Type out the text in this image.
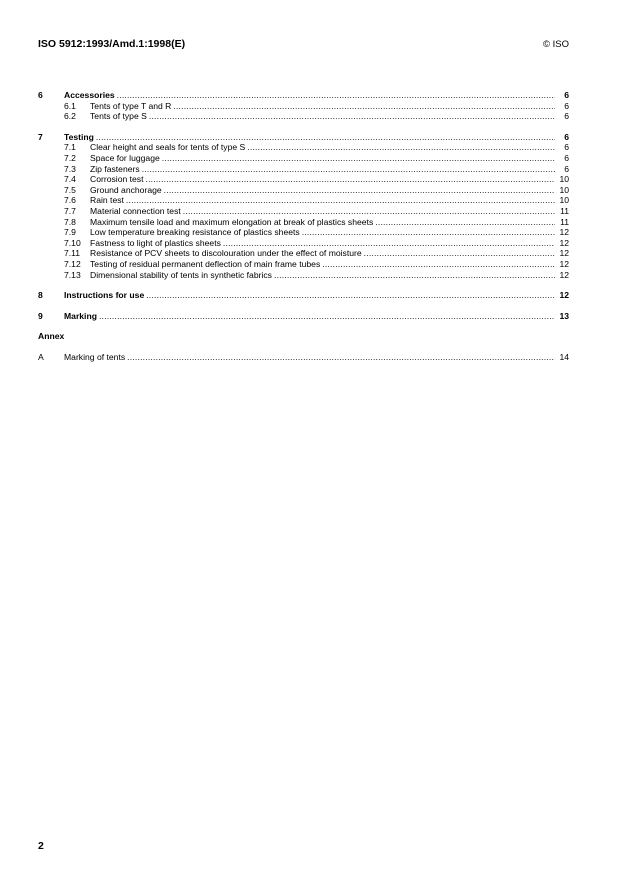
ISO 5912:1993/Amd.1:1998(E)	© ISO
6	Accessories .....	6
6.1	Tents of type T and R .....	6
6.2	Tents of type S .....	6
7	Testing .....	6
7.1	Clear height and seals for tents of type S .....	6
7.2	Space for luggage .....	6
7.3	Zip fasteners .....	6
7.4	Corrosion test .....	10
7.5	Ground anchorage .....	10
7.6	Rain test .....	10
7.7	Material connection test .....	11
7.8	Maximum tensile load and maximum elongation at break of plastics sheets .....	11
7.9	Low temperature breaking resistance of plastics sheets .....	12
7.10	Fastness to light of plastics sheets .....	12
7.11	Resistance of PCV sheets to discolouration under the effect of moisture .....	12
7.12	Testing of residual permanent deflection of main frame tubes .....	12
7.13	Dimensional stability of tents in synthetic fabrics .....	12
8	Instructions for use .....	12
9	Marking .....	13
Annex
A	Marking of tents .....	14
2
